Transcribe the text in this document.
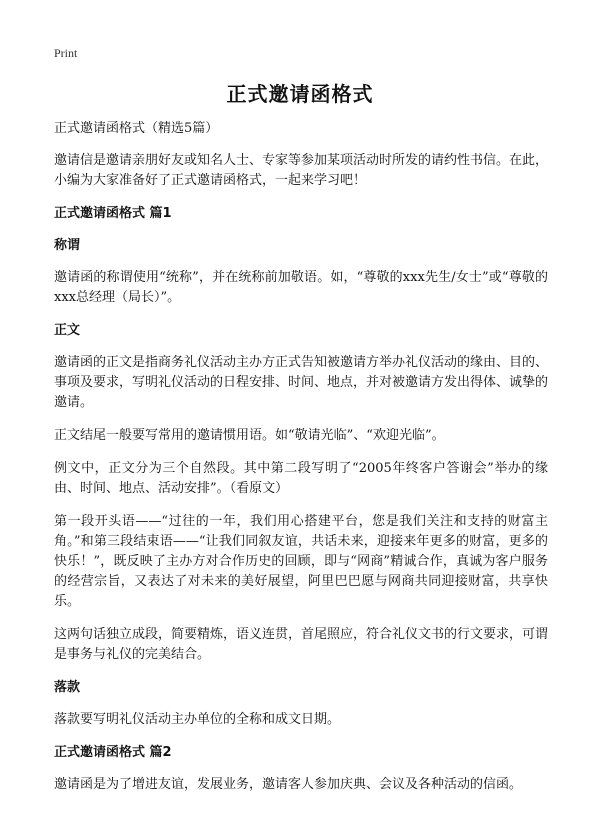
Print
正式邀请函格式

正式邀请函格式（精选5篇）

邀请信是邀请亲朋好友或知名人士、专家等参加某项活动时所发的请约性书信。在此，小编为大家准备好了正式邀请函格式，一起来学习吧！

正式邀请函格式 篇1
称谓

邀请函的称谓使用“统称”，并在统称前加敬语。如，“尊敬的xxx先生/女士”或“尊敬的xxx总经理（局长）”。

正文

邀请函的正文是指商务礼仪活动主办方正式告知被邀请方举办礼仪活动的缘由、目的、事项及要求，写明礼仪活动的日程安排、时间、地点，并对被邀请方发出得体、诚挚的邀请。

正文结尾一般要写常用的邀请惯用语。如“敬请光临”、“欢迎光临”。

例文中，正文分为三个自然段。其中第二段写明了“2005年终客户答谢会”举办的缘由、时间、地点、活动安排”。（看原文）

第一段开头语——“过往的一年，我们用心搭建平台，您是我们关注和支持的财富主角。”和第三段结束语——“让我们同叙友谊，共话未来，迎接来年更多的财富，更多的快乐！”，既反映了主办方对合作历史的回顾，即与“网商”精诚合作，真诚为客户服务的经营宗旨，又表达了对未来的美好展望，阿里巴巴愿与网商共同迎接财富，共享快乐。

这两句话独立成段，简要精炼，语义连贯，首尾照应，符合礼仪文书的行文要求，可谓是事务与礼仪的完美结合。

落款

落款要写明礼仪活动主办单位的全称和成文日期。

正式邀请函格式 篇2

邀请函是为了增进友谊，发展业务，邀请客人参加庆典、会议及各种活动的信函。
